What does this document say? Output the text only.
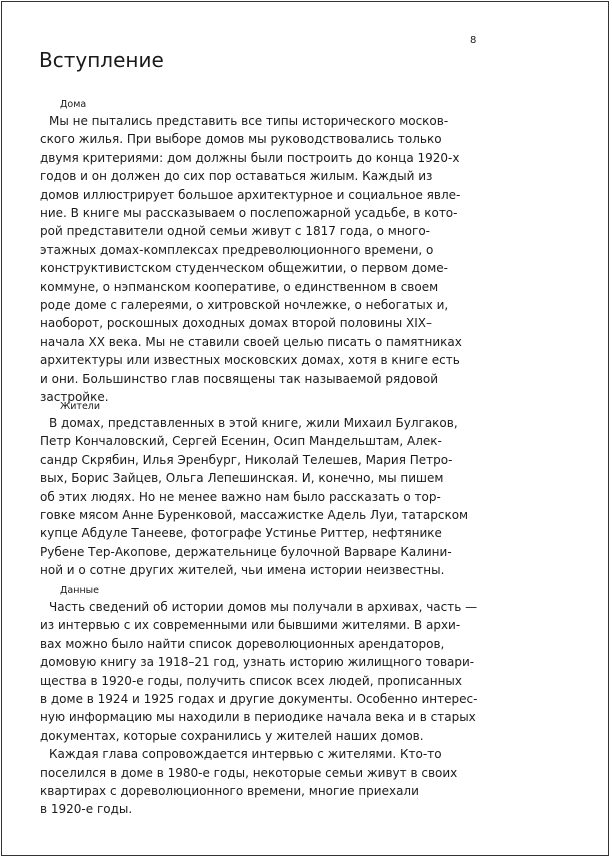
8
Вступление
Дома

Мы не пытались представить все типы исторического москов-
ского жилья. При выборе домов мы руководствовались только
двумя критериями: дом должны были построить до конца 1920-х
годов и он должен до сих пор оставаться жилым. Каждый из
домов иллюстрирует большое архитектурное и социальное явле-
ние. В книге мы рассказываем о послепожарной усадьбе, в кото-
рой представители одной семьи живут с 1817 года, о много-
этажных домах-комплексах предреволюционного времени, о
конструктивистском студенческом общежитии, о первом доме-
коммуне, о нэпманском кооперативе, о единственном в своем
роде доме с галереями, о хитровской ночлежке, о небогатых и,
наоборот, роскошных доходных домах второй половины XIX–
начала XX века. Мы не ставили своей целью писать о памятниках
архитектуры или известных московских домах, хотя в книге есть
и они. Большинство глав посвящены так называемой рядовой
застройке.

Жители

В домах, представленных в этой книге, жили Михаил Булгаков,
Петр Кончаловский, Сергей Есенин, Осип Мандельштам, Алек-
сандр Скрябин, Илья Эренбург, Николай Телешев, Мария Петро-
вых, Борис Зайцев, Ольга Лепешинская. И, конечно, мы пишем
об этих людях. Но не менее важно нам было рассказать о тор-
говке мясом Анне Буренковой, массажистке Адель Луи, татарском
купце Абдуле Танееве, фотографе Устинье Риттер, нефтянике
Рубене Тер-Акопове, держательнице булочной Варваре Калини-
ной и о сотне других жителей, чьи имена истории неизвестны.

Данные

Часть сведений об истории домов мы получали в архивах, часть —
из интервью с их современными или бывшими жителями. В архи-
вах можно было найти список дореволюционных арендаторов,
домовую книгу за 1918–21 год, узнать историю жилищного товари-
щества в 1920-е годы, получить список всех людей, прописанных
в доме в 1924 и 1925 годах и другие документы. Особенно интерес-
ную информацию мы находили в периодике начала века и в старых
документах, которые сохранились у жителей наших домов.

Каждая глава сопровождается интервью с жителями. Кто-то
поселился в доме в 1980-е годы, некоторые семьи живут в своих
квартирах с дореволюционного времени, многие приехали
в 1920-е годы.
